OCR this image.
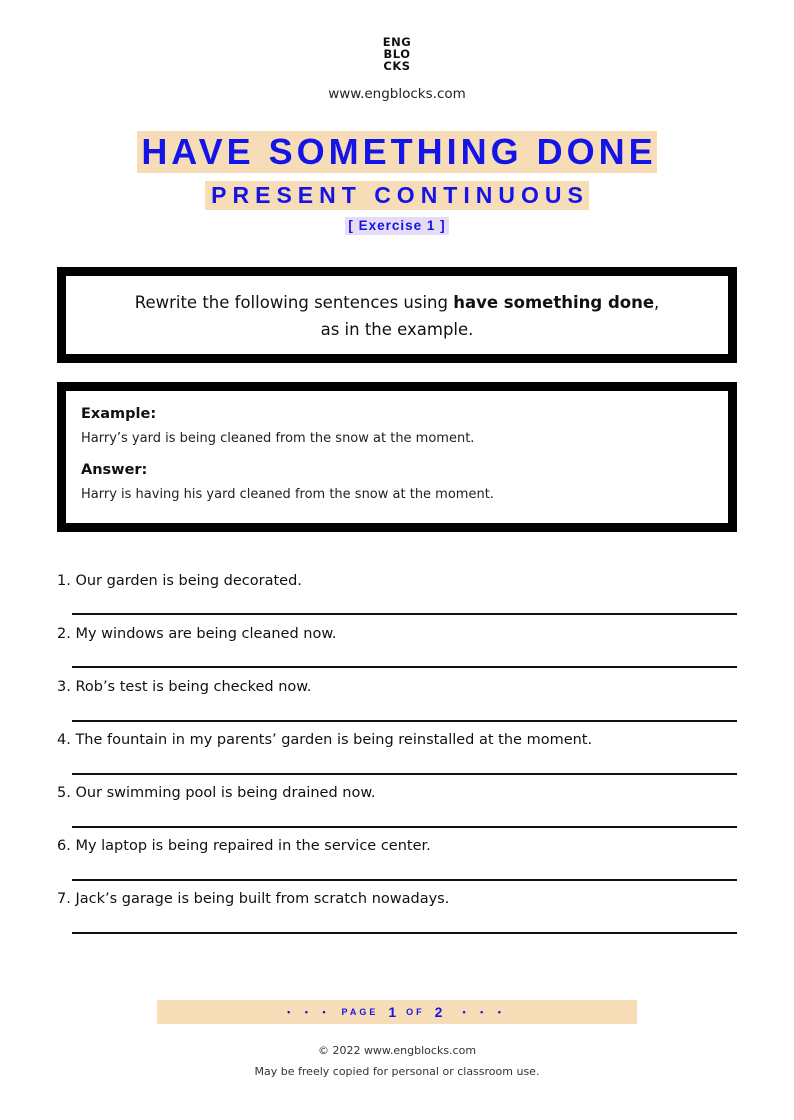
ENG
BLO
CKS
www.engblocks.com
HAVE SOMETHING DONE
PRESENT CONTINUOUS
[ Exercise 1 ]
Rewrite the following sentences using have something done,
as in the example.

Example:

Harry’s yard is being cleaned from the snow at the moment.

Answer:

Harry is having his yard cleaned from the snow at the moment.

1. Our garden is being decorated.
2. My windows are being cleaned now.
3. Rob’s test is being checked now.
4. The fountain in my parents’ garden is being reinstalled at the moment.
5. Our swimming pool is being drained now.
6. My laptop is being repaired in the service center.
7. Jack’s garage is being built from scratch nowadays.
• • • PAGE 1 OF 2 • • •
© 2022 www.engblocks.com
May be freely copied for personal or classroom use.
